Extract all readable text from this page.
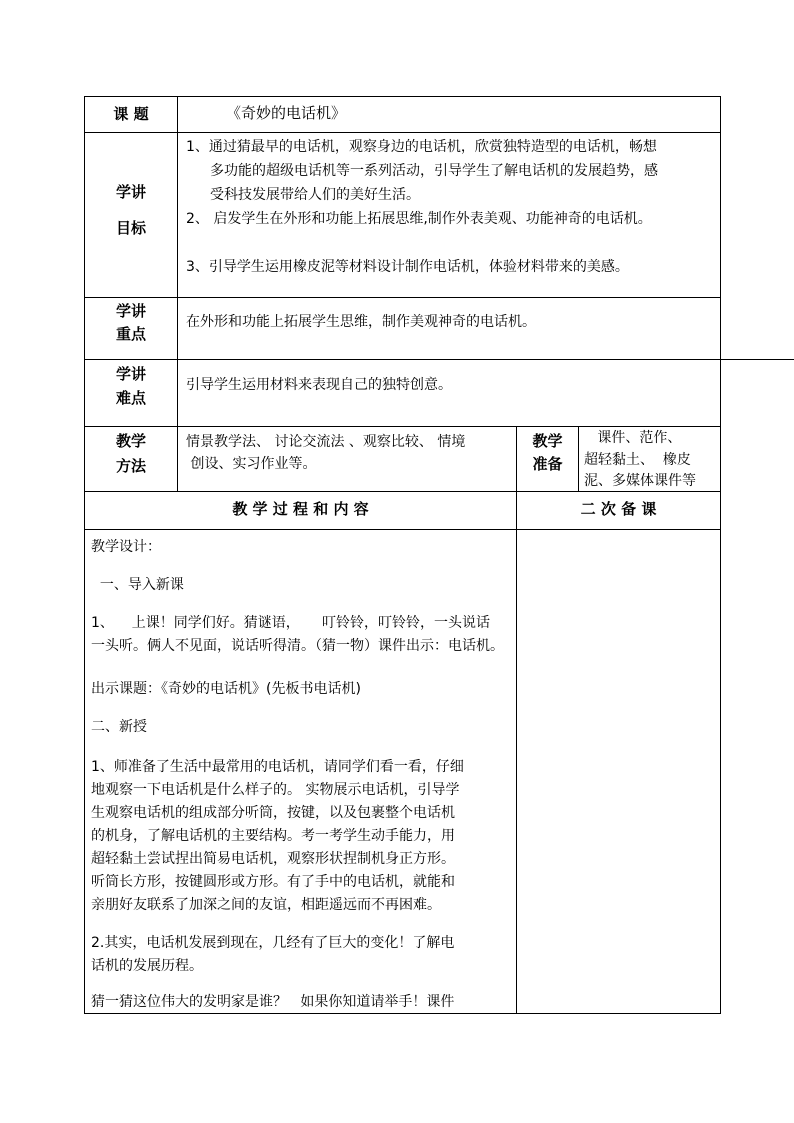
课 题	《奇妙的电话机》
学讲
目标
1、通过猜最早的电话机，观察身边的电话机，欣赏独特造型的电话机，畅想
多功能的超级电话机等一系列活动，引导学生了解电话机的发展趋势，感
受科技发展带给人们的美好生活。
2、 启发学生在外形和功能上拓展思维,制作外表美观、功能神奇的电话机。
3、引导学生运用橡皮泥等材料设计制作电话机，体验材料带来的美感。
学讲
重点
在外形和功能上拓展学生思维，制作美观神奇的电话机。
学讲
难点
引导学生运用材料来表现自己的独特创意。
教学
方法
情景教学法、 讨论交流法 、观察比较、 情境
创设、实习作业等。
教学
准备
课件、范作、
超轻黏土、  橡皮
泥、多媒体课件等
教 学 过 程 和 内 容	二 次 备 课
教学设计：
一、导入新课
1、    上课！同学们好。猜谜语，     叮铃铃，叮铃铃，一头说话
一头听。俩人不见面，说话听得清。（猜一物）课件出示：电话机。
出示课题：《奇妙的电话机》(先板书电话机)
二、新授
1、师准备了生活中最常用的电话机，请同学们看一看，仔细
地观察一下电话机是什么样子的。 实物展示电话机，引导学
生观察电话机的组成部分听筒，按键，以及包裹整个电话机
的机身，了解电话机的主要结构。考一考学生动手能力，用
超轻黏土尝试捏出简易电话机，观察形状捏制机身正方形。
听筒长方形，按键圆形或方形。有了手中的电话机，就能和
亲朋好友联系了加深之间的友谊，相距遥远而不再困难。
2.其实，电话机发展到现在，几经有了巨大的变化！了解电
话机的发展历程。
猜一猜这位伟大的发明家是谁？   如果你知道请举手！课件
